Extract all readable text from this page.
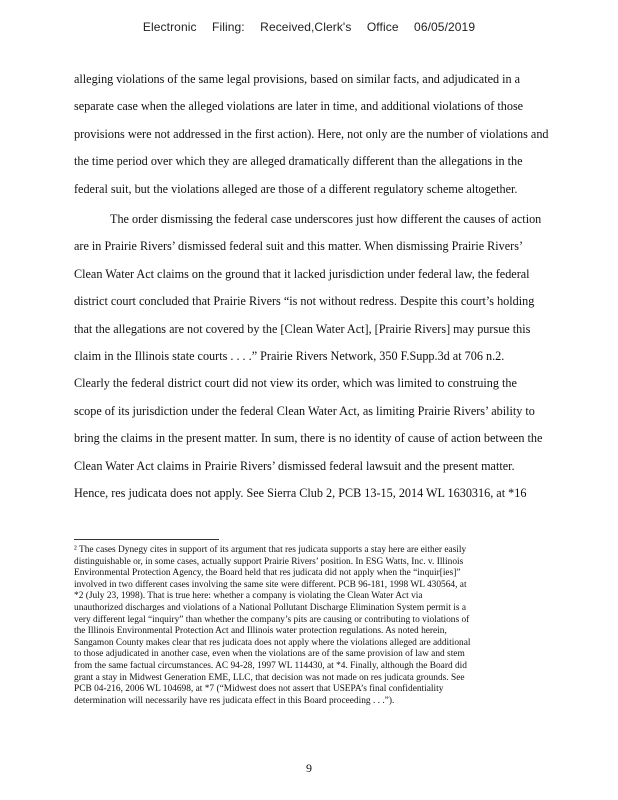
Electronic Filing: Received,Clerk's Office 06/05/2019
alleging violations of the same legal provisions, based on similar facts, and adjudicated in a
separate case when the alleged violations are later in time, and additional violations of those
provisions were not addressed in the first action). Here, not only are the number of violations and
the time period over which they are alleged dramatically different than the allegations in the
federal suit, but the violations alleged are those of a different regulatory scheme altogether.
The order dismissing the federal case underscores just how different the causes of action
are in Prairie Rivers’ dismissed federal suit and this matter. When dismissing Prairie Rivers’
Clean Water Act claims on the ground that it lacked jurisdiction under federal law, the federal
district court concluded that Prairie Rivers “is not without redress. Despite this court’s holding
that the allegations are not covered by the [Clean Water Act], [Prairie Rivers] may pursue this
claim in the Illinois state courts . . . .” Prairie Rivers Network, 350 F.Supp.3d at 706 n.2.
Clearly the federal district court did not view its order, which was limited to construing the
scope of its jurisdiction under the federal Clean Water Act, as limiting Prairie Rivers’ ability to
bring the claims in the present matter. In sum, there is no identity of cause of action between the
Clean Water Act claims in Prairie Rivers’ dismissed federal lawsuit and the present matter.
Hence, res judicata does not apply. See Sierra Club 2, PCB 13-15, 2014 WL 1630316, at *16
² The cases Dynegy cites in support of its argument that res judicata supports a stay here are either easily
distinguishable or, in some cases, actually support Prairie Rivers’ position. In ESG Watts, Inc. v. Illinois
Environmental Protection Agency, the Board held that res judicata did not apply when the “inquir[ies]”
involved in two different cases involving the same site were different. PCB 96-181, 1998 WL 430564, at
*2 (July 23, 1998). That is true here: whether a company is violating the Clean Water Act via
unauthorized discharges and violations of a National Pollutant Discharge Elimination System permit is a
very different legal “inquiry” than whether the company’s pits are causing or contributing to violations of
the Illinois Environmental Protection Act and Illinois water protection regulations. As noted herein,
Sangamon County makes clear that res judicata does not apply where the violations alleged are additional
to those adjudicated in another case, even when the violations are of the same provision of law and stem
from the same factual circumstances. AC 94-28, 1997 WL 114430, at *4. Finally, although the Board did
grant a stay in Midwest Generation EME, LLC, that decision was not made on res judicata grounds. See
PCB 04-216, 2006 WL 104698, at *7 (“Midwest does not assert that USEPA’s final confidentiality
determination will necessarily have res judicata effect in this Board proceeding . . .”).
9
